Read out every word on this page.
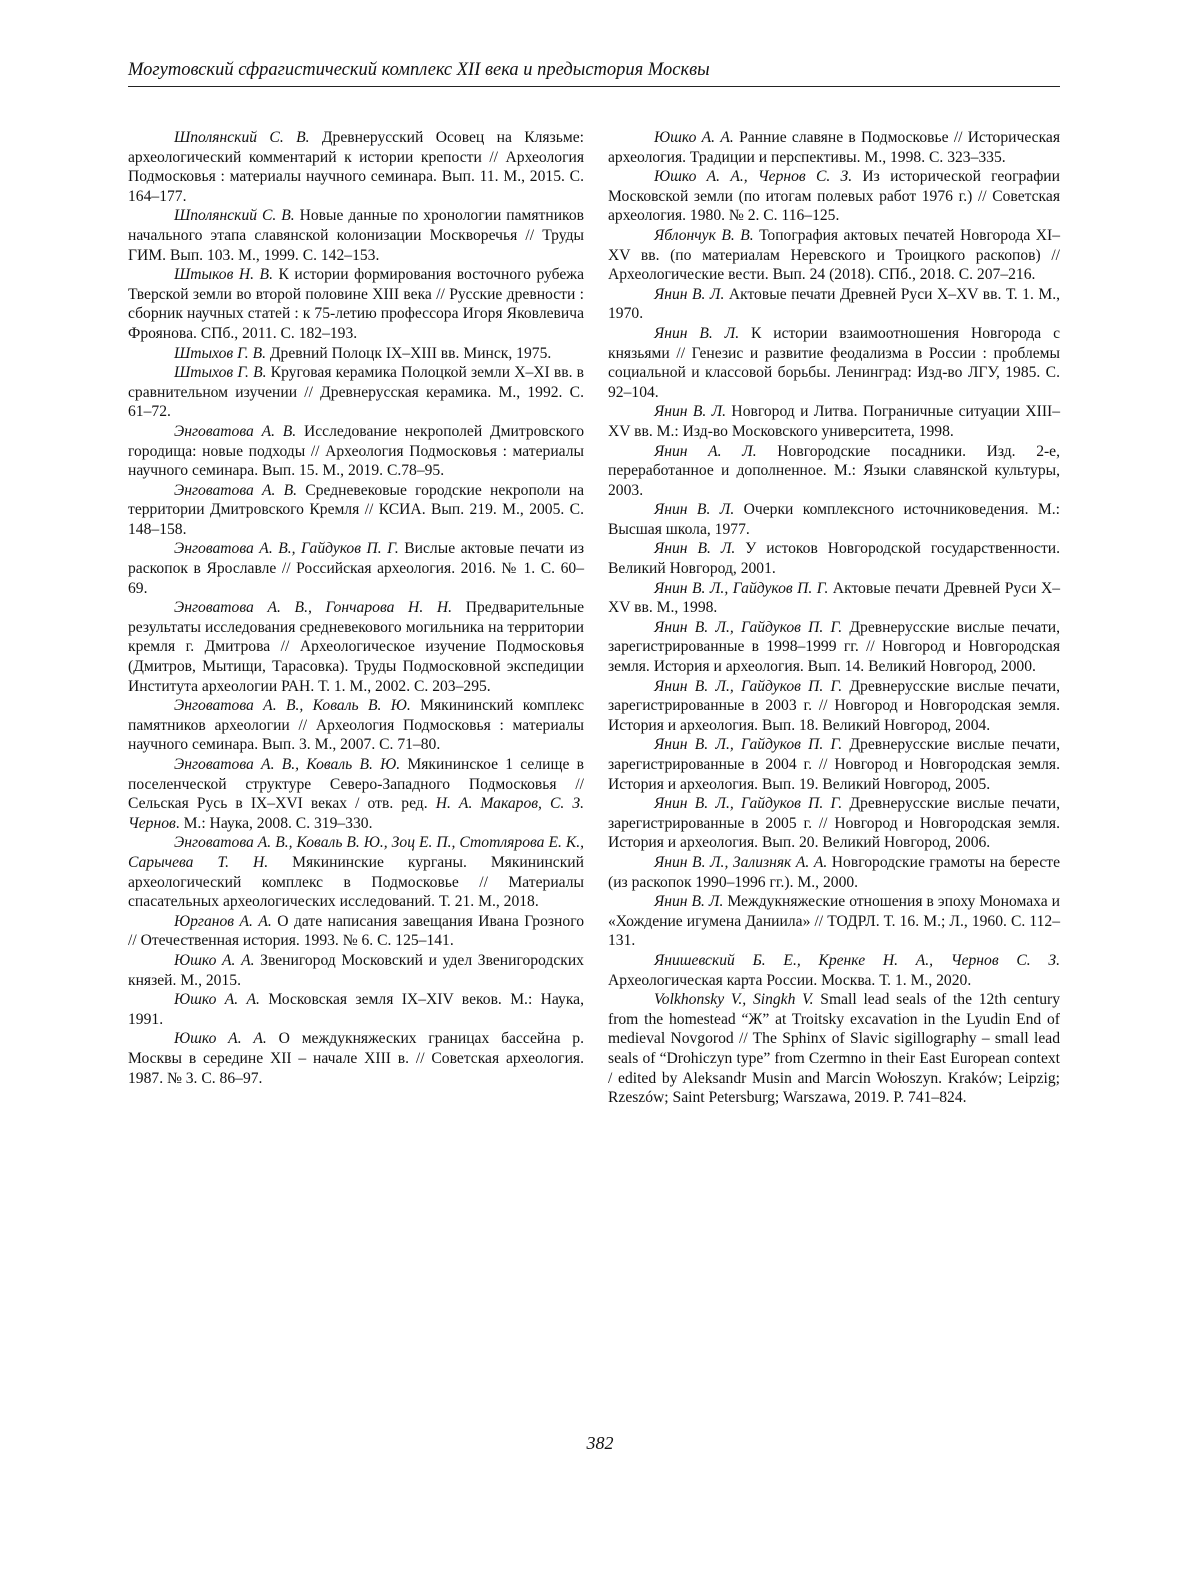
Могутовский сфрагистический комплекс XII века и предыстория Москвы

Шполянский С. В. Древнерусский Осовец на Клязьме: археологический комментарий к истории крепости // Археология Подмосковья : материалы научного семинара. Вып. 11. М., 2015. С. 164–177.

Шполянский С. В. Новые данные по хронологии памятников начального этапа славянской колонизации Москворечья // Труды ГИМ. Вып. 103. М., 1999. С. 142–153.

Штыков Н. В. К истории формирования восточного рубежа Тверской земли во второй половине XIII века // Русские древности : сборник научных статей : к 75-летию профессора Игоря Яковлевича Фроянова. СПб., 2011. С. 182–193.

Штыхов Г. В. Древний Полоцк IX–XIII вв. Минск, 1975.

Штыхов Г. В. Круговая керамика Полоцкой земли X–XI вв. в сравнительном изучении // Древнерусская керамика. М., 1992. С. 61–72.

Энговатова А. В. Исследование некрополей Дмитровского городища: новые подходы // Археология Подмосковья : материалы научного семинара. Вып. 15. М., 2019. С.78–95.

Энговатова А. В. Средневековые городские некрополи на территории Дмитровского Кремля // КСИА. Вып. 219. М., 2005. С. 148–158.

Энговатова А. В., Гайдуков П. Г. Вислые актовые печати из раскопок в Ярославле // Российская археология. 2016. № 1. С. 60–69.

Энговатова А. В., Гончарова Н. Н. Предварительные результаты исследования средневекового могильника на территории кремля г. Дмитрова // Археологическое изучение Подмосковья (Дмитров, Мытищи, Тарасовка). Труды Подмосковной экспедиции Института археологии РАН. Т. 1. М., 2002. С. 203–295.

Энговатова А. В., Коваль В. Ю. Мякининский комплекс памятников археологии // Археология Подмосковья : материалы научного семинара. Вып. 3. М., 2007. С. 71–80.

Энговатова А. В., Коваль В. Ю. Мякининское 1 селище в поселенческой структуре Северо-Западного Подмосковья // Сельская Русь в IX–XVI веках / отв. ред. Н. А. Макаров, С. З. Чернов. М.: Наука, 2008. С. 319–330.

Энговатова А. В., Коваль В. Ю., Зоц Е. П., Стотлярова Е. К., Сарычева Т. Н. Мякининские курганы. Мякининский археологический комплекс в Подмосковье // Материалы спасательных археологических исследований. Т. 21. М., 2018.

Юрганов А. А. О дате написания завещания Ивана Грозного // Отечественная история. 1993. № 6. С. 125–141.

Юшко А. А. Звенигород Московский и удел Звенигородских князей. М., 2015.

Юшко А. А. Московская земля IX–XIV веков. М.: Наука, 1991.

Юшко А. А. О междукняжеских границах бассейна р. Москвы в середине XII – начале XIII в. // Советская археология. 1987. № 3. С. 86–97.

Юшко А. А. Ранние славяне в Подмосковье // Историческая археология. Традиции и перспективы. М., 1998. С. 323–335.

Юшко А. А., Чернов С. З. Из исторической географии Московской земли (по итогам полевых работ 1976 г.) // Советская археология. 1980. № 2. С. 116–125.

Яблончук В. В. Топография актовых печатей Новгорода XI–XV вв. (по материалам Неревского и Троицкого раскопов) // Археологические вести. Вып. 24 (2018). СПб., 2018. С. 207–216.

Янин В. Л. Актовые печати Древней Руси X–XV вв. Т. 1. М., 1970.

Янин В. Л. К истории взаимоотношения Новгорода с князьями // Генезис и развитие феодализма в России : проблемы социальной и классовой борьбы. Ленинград: Изд-во ЛГУ, 1985. С. 92–104.

Янин В. Л. Новгород и Литва. Пограничные ситуации XIII–XV вв. М.: Изд-во Московского университета, 1998.

Янин А. Л. Новгородские посадники. Изд. 2-е, переработанное и дополненное. М.: Языки славянской культуры, 2003.

Янин В. Л. Очерки комплексного источниковедения. М.: Высшая школа, 1977.

Янин В. Л. У истоков Новгородской государственности. Великий Новгород, 2001.

Янин В. Л., Гайдуков П. Г. Актовые печати Древней Руси X–XV вв. М., 1998.

Янин В. Л., Гайдуков П. Г. Древнерусские вислые печати, зарегистрированные в 1998–1999 гг. // Новгород и Новгородская земля. История и археология. Вып. 14. Великий Новгород, 2000.

Янин В. Л., Гайдуков П. Г. Древнерусские вислые печати, зарегистрированные в 2003 г. // Новгород и Новгородская земля. История и археология. Вып. 18. Великий Новгород, 2004.

Янин В. Л., Гайдуков П. Г. Древнерусские вислые печати, зарегистрированные в 2004 г. // Новгород и Новгородская земля. История и археология. Вып. 19. Великий Новгород, 2005.

Янин В. Л., Гайдуков П. Г. Древнерусские вислые печати, зарегистрированные в 2005 г. // Новгород и Новгородская земля. История и археология. Вып. 20. Великий Новгород, 2006.

Янин В. Л., Зализняк А. А. Новгородские грамоты на бересте (из раскопок 1990–1996 гг.). М., 2000.

Янин В. Л. Междукняжеские отношения в эпоху Мономаха и «Хождение игумена Даниила» // ТОДРЛ. Т. 16. М.; Л., 1960. С. 112–131.

Янишевский Б. Е., Кренке Н. А., Чернов С. З. Археологическая карта России. Москва. Т. 1. М., 2020.

Volkhonsky V., Singkh V. Small lead seals of the 12th century from the homestead “Ж” at Troitsky excavation in the Lyudin End of medieval Novgorod // The Sphinx of Slavic sigillography – small lead seals of “Drohiczyn type” from Czermno in their East European context / edited by Aleksandr Musin and Marcin Wołoszyn. Kraków; Leipzig; Rzeszów; Saint Petersburg; Warszawa, 2019. P. 741–824.

382
